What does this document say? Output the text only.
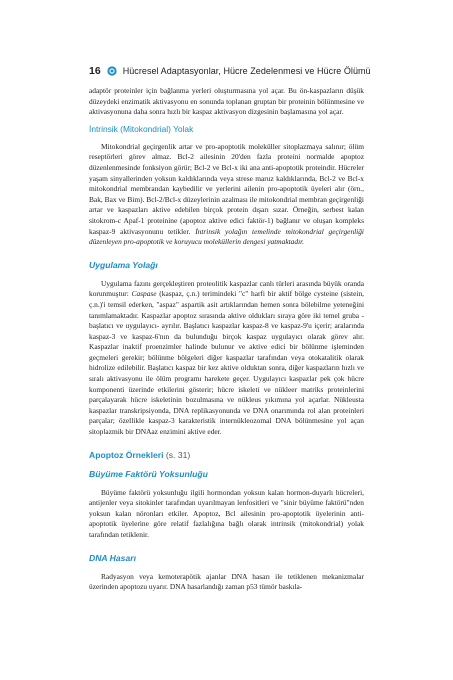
16 Hücresel Adaptasyonlar, Hücre Zedelenmesi ve Hücre Ölümü

adaptör proteinler için bağlanma yerleri oluşturmasına yol açar. Bu ön-kaspazların düşük düzeydeki enzimatik aktivasyonu en sonunda toplanan gruptan bir proteinin bölünmesine ve aktivasyonuna daha sonra hızlı bir kaspaz aktivasyon dizgesinin başlamasına yol açar.

İntrinsik (Mitokondrial) Yolak

Mitokondrial geçirgenlik artar ve pro-apoptotik moleküller sitoplazmaya salınır; ölüm reseptörleri görev almaz. Bcl-2 ailesinin 20'den fazla proteini normalde apoptoz düzenlenmesinde fonksiyon görür; Bcl-2 ve Bcl-x iki ana anti-apoptotik proteindir. Hücreler yaşam sinyallerinden yoksun kaldıklarında veya strese maruz kaldıklarında, Bcl-2 ve Bcl-x mitokondrial membrandan kaybedilir ve yerlerini ailenin pro-apoptotik üyeleri alır (örn., Bak, Bax ve Bim). Bcl-2/Bcl-x düzeylerinin azalması ile mitokondrial membran geçirgenliği artar ve kaspazları aktive edebilen birçok protein dışarı sızar. Örneğin, serbest kalan sitokrom-c Apaf-1 proteinine (apoptoz aktive edici faktör-1) bağlanır ve oluşan kompleks kaspaz-9 aktivasyonunu tetikler. İntrinsik yolağın temelinde mitokondrial geçirgenliği düzenleyen pro-apoptotik ve koruyucu moleküllerin dengesi yatmaktadır.

Uygulama Yolağı

Uygulama fazını gerçekleştiren proteolitik kaspazlar canlı türleri arasında büyük oranda korunmuştur: Caspase (kaspaz, ç.n.) terimindeki "c" harfi bir aktif bölge cysteine (sistein, ç.n.)'i temsil ederken, "aspaz" aspartik asit artıklarından hemen sonra bölebilme yeteneğini tanımlamaktadır. Kaspazlar apoptoz sırasında aktive oldukları sıraya göre iki temel gruba -başlatıcı ve uygulayıcı- ayrılır. Başlatıcı kaspazlar kaspaz-8 ve kaspaz-9'u içerir; aralarında kaspaz-3 ve kaspaz-6'nın da bulunduğu birçok kaspaz uygulayıcı olarak görev alır. Kaspazlar inaktif proenzimler halinde bulunur ve aktive edici bir bölünme işleminden geçmeleri gerekir; bölünme bölgeleri diğer kaspazlar tarafından veya otokatalitik olarak hidrolize edilebilir. Başlatıcı kaspaz bir kez aktive olduktan sonra, diğer kaspazların hızlı ve sıralı aktivasyonu ile ölüm programı harekete geçer. Uygulayıcı kaspazlar pek çok hücre komponenti üzerinde etkilerini gösterir; hücre iskeleti ve nükleer matriks proteinlerini parçalayarak hücre iskeletinin bozulmasına ve nükleus yıkımına yol açarlar. Nükleusta kaspazlar transkripsiyonda, DNA replikasyonunda ve DNA onarımında rol alan proteinleri parçalar; özellikle kaspaz-3 karakteristik internükleozomal DNA bölünmesine yol açan sitoplazmik bir DNAaz enzimini aktive eder.

Apoptoz Örnekleri (s. 31)
Büyüme Faktörü Yoksunluğu

Büyüme faktörü yoksunluğu ilgili hormondan yoksun kalan hormon-duyarlı hücreleri, antijenler veya sitokinler tarafından uyarılmayan lenfositleri ve "sinir büyüme faktörü"nden yoksun kalan nöronları etkiler. Apoptoz, Bcl ailesinin pro-apoptotik üyelerinin anti-apoptotik üyelerine göre relatif fazlalığına bağlı olarak intrinsik (mitokondrial) yolak tarafından tetiklenir.

DNA Hasarı

Radyasyon veya kemoterapötik ajanlar DNA hasarı ile tetiklenen mekanizmalar üzerinden apoptozu uyarır. DNA hasarlandığı zaman p53 tümör baskıla-
